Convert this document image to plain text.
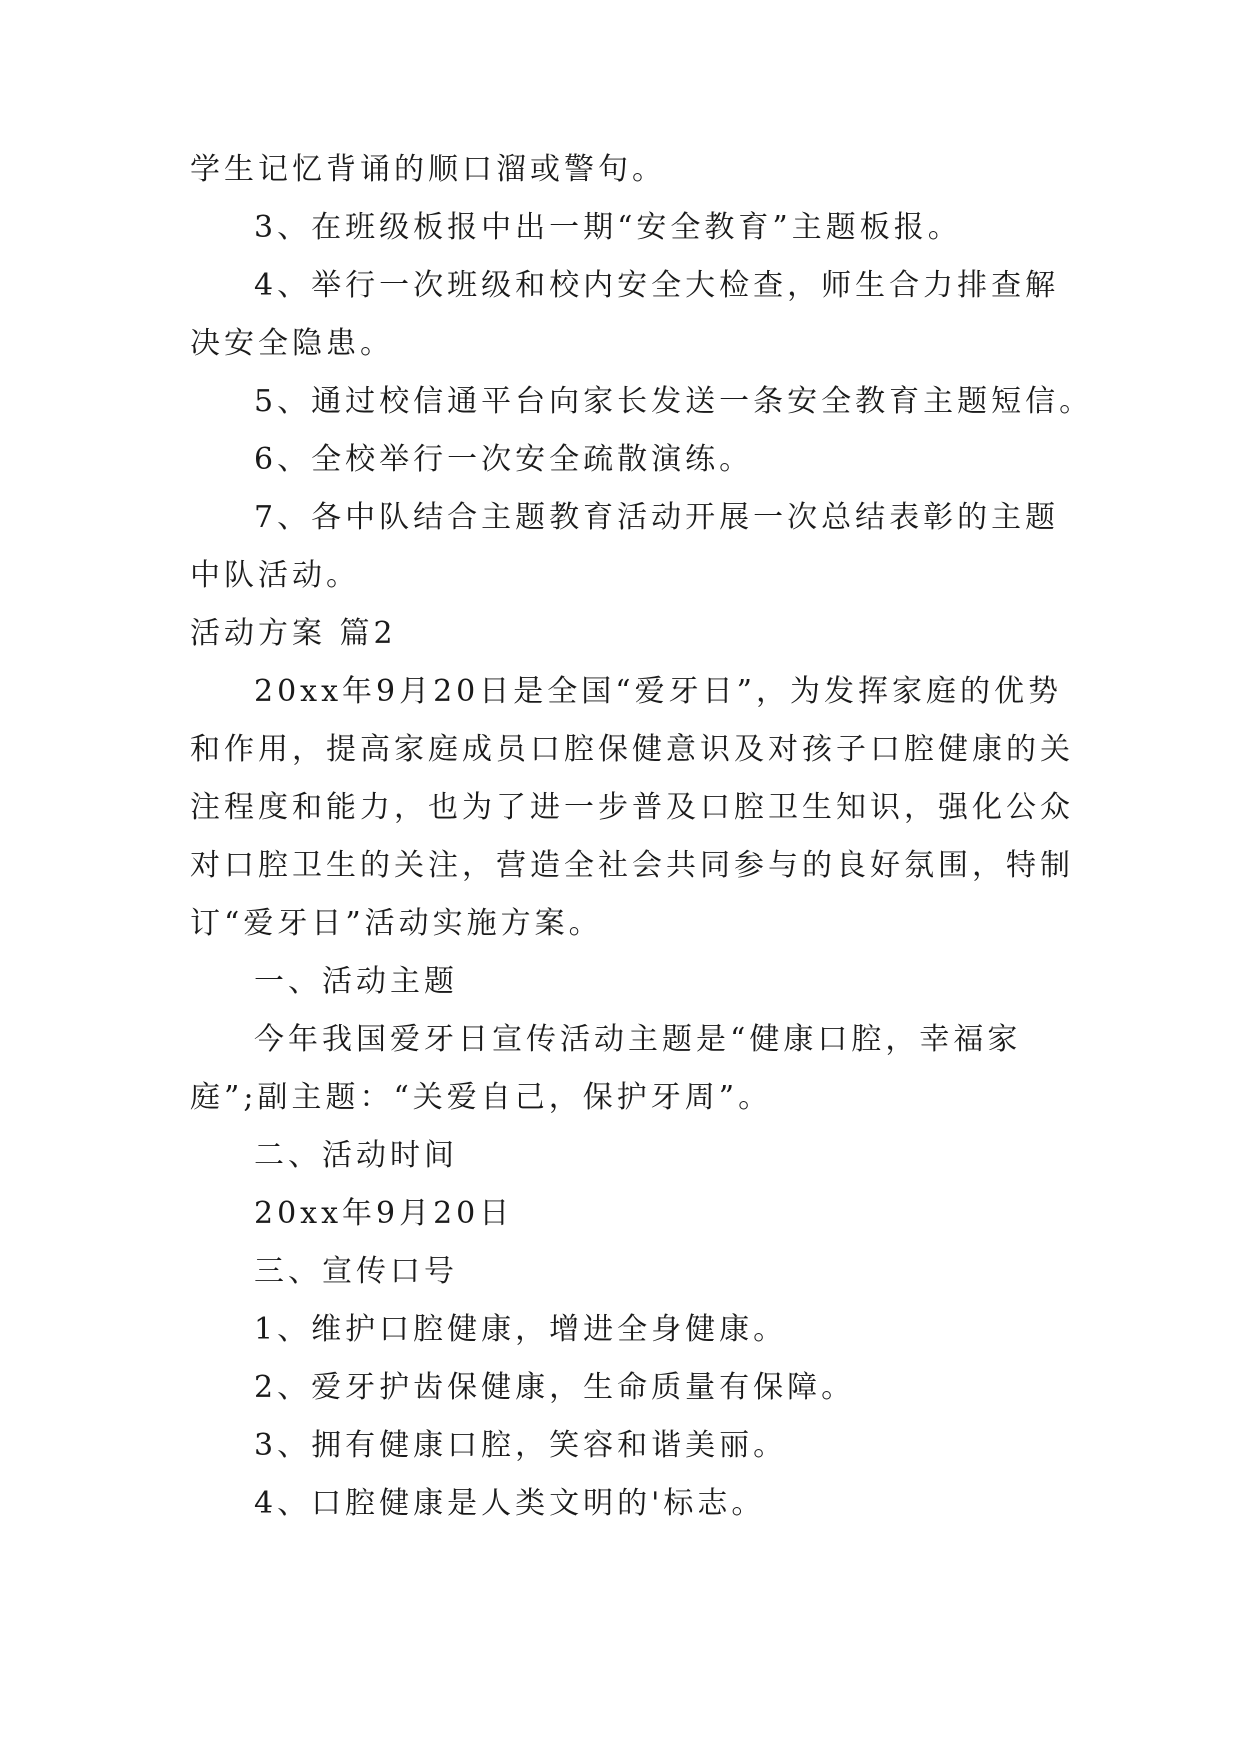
学生记忆背诵的顺口溜或警句。
3、在班级板报中出一期“安全教育”主题板报。
4、举行一次班级和校内安全大检查，师生合力排查解
决安全隐患。
5、通过校信通平台向家长发送一条安全教育主题短信。
6、全校举行一次安全疏散演练。
7、各中队结合主题教育活动开展一次总结表彰的主题
中队活动。
活动方案 篇2
20xx年9月20日是全国“爱牙日”，为发挥家庭的优势
和作用，提高家庭成员口腔保健意识及对孩子口腔健康的关
注程度和能力，也为了进一步普及口腔卫生知识，强化公众
对口腔卫生的关注，营造全社会共同参与的良好氛围，特制
订“爱牙日”活动实施方案。
一、活动主题
今年我国爱牙日宣传活动主题是“健康口腔，幸福家
庭”;副主题：“关爱自己，保护牙周”。
二、活动时间
20xx年9月20日
三、宣传口号
1、维护口腔健康，增进全身健康。
2、爱牙护齿保健康，生命质量有保障。
3、拥有健康口腔，笑容和谐美丽。
4、口腔健康是人类文明的'标志。
